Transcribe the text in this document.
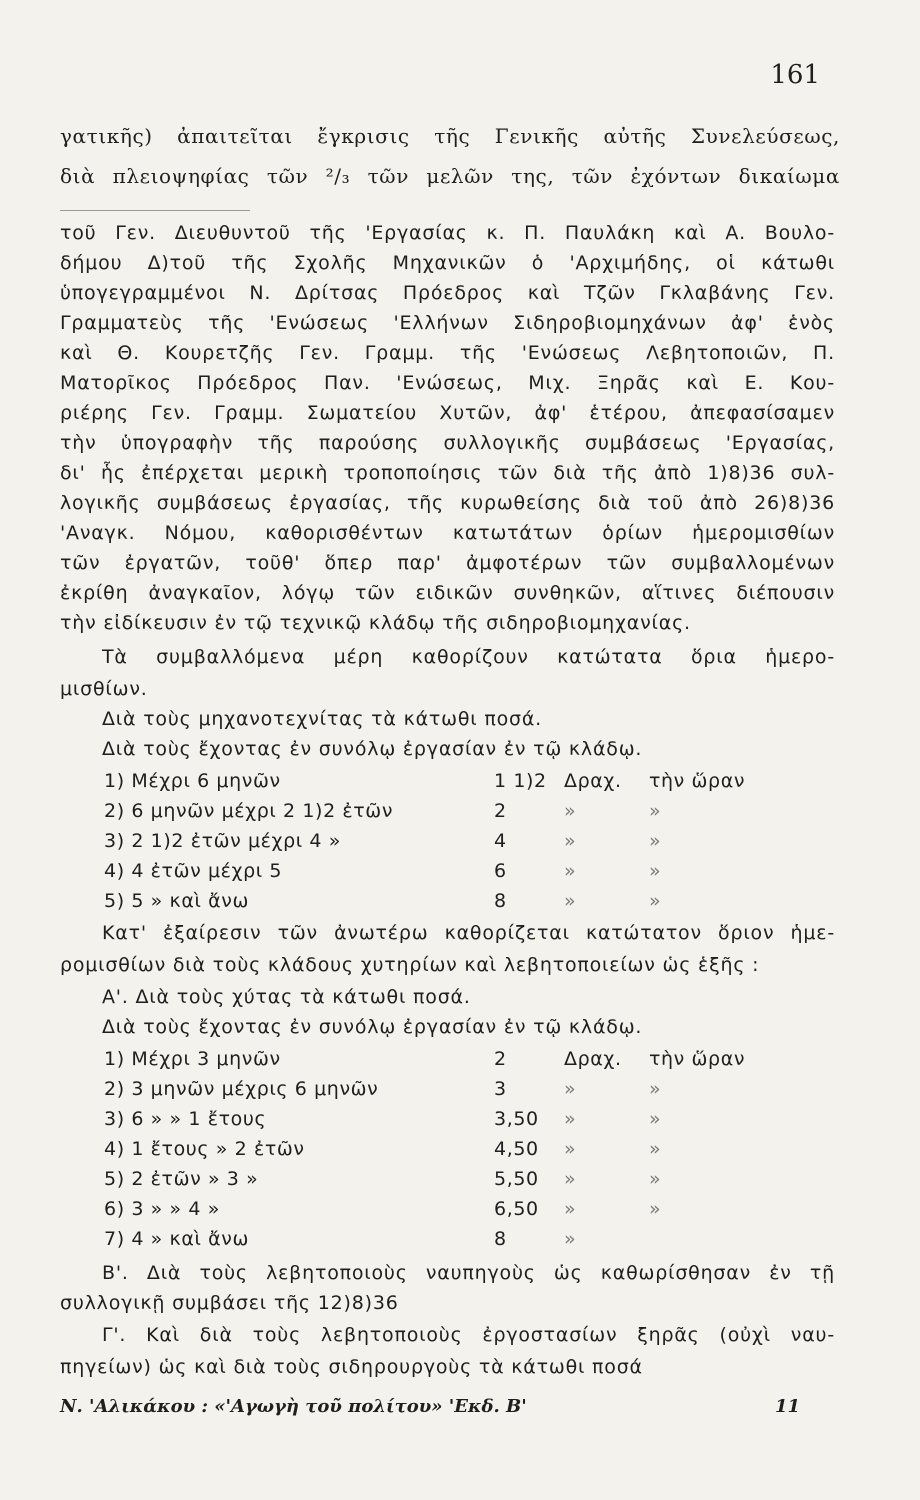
161
γατικῆς) ἀπαιτεῖται ἔγκρισις τῆς Γενικῆς αὐτῆς Συνελεύσεως,
διὰ πλειοψηφίας τῶν ²/₃ τῶν μελῶν της, τῶν ἐχόντων δικαίωμα
τοῦ Γεν. Διευθυντοῦ τῆς 'Εργασίας κ. Π. Παυλάκη καὶ Α. Βουλο-
δήμου Δ)τοῦ τῆς Σχολῆς Μηχανικῶν ὁ 'Αρχιμήδης, οἱ κάτωθι
ὑπογεγραμμένοι Ν. Δρίτσας Πρόεδρος καὶ Τζῶν Γκλαβάνης Γεν.
Γραμματεὺς τῆς 'Ενώσεως 'Ελλήνων Σιδηροβιομηχάνων ἀφ' ἑνὸς
καὶ Θ. Κουρετζῆς Γεν. Γραμμ. τῆς 'Ενώσεως Λεβητοποιῶν, Π.
Ματορῖκος Πρόεδρος Παν. 'Ενώσεως, Μιχ. Ξηρᾶς καὶ Ε. Κου-
ριέρης Γεν. Γραμμ. Σωματείου Χυτῶν, ἀφ' ἑτέρου, ἀπεφασίσαμεν
τὴν ὑπογραφὴν τῆς παρούσης συλλογικῆς συμβάσεως 'Εργασίας,
δι' ἧς ἐπέρχεται μερικὴ τροποποίησις τῶν διὰ τῆς ἀπὸ 1)8)36 συλ-
λογικῆς συμβάσεως ἐργασίας, τῆς κυρωθείσης διὰ τοῦ ἀπὸ 26)8)36
'Αναγκ. Νόμου, καθορισθέντων κατωτάτων ὁρίων ἡμερομισθίων
τῶν ἐργατῶν, τοῦθ' ὅπερ παρ' ἀμφοτέρων τῶν συμβαλλομένων
ἐκρίθη ἀναγκαῖον, λόγῳ τῶν ειδικῶν συνθηκῶν, αἵτινες διέπουσιν
τὴν εἰδίκευσιν ἐν τῷ τεχνικῷ κλάδῳ τῆς σιδηροβιομηχανίας.
Τὰ συμβαλλόμενα μέρη καθορίζουν κατώτατα ὅρια ἡμερο-
μισθίων.
Διὰ τοὺς μηχανοτεχνίτας τὰ κάτωθι ποσά.
Διὰ τοὺς ἔχοντας ἐν συνόλῳ ἐργασίαν ἐν τῷ κλάδῳ.
1) Μέχρι 6 μηνῶν	1 1)2 Δραχ. τὴν ὥραν
2) 6 μηνῶν μέχρι 2 1)2 ἐτῶν	2	»	»
3) 2 1)2 ἐτῶν μέχρι 4 »	4	»	»
4) 4 ἐτῶν μέχρι 5	6	»	»
5) 5 » καὶ ἄνω	8	»	»
Κατ' ἐξαίρεσιν τῶν ἀνωτέρω καθορίζεται κατώτατον ὅριον ἡμε-
ρομισθίων διὰ τοὺς κλάδους χυτηρίων καὶ λεβητοποιείων ὡς ἑξῆς :
Α'. Διὰ τοὺς χύτας τὰ κάτωθι ποσά.
Διὰ τοὺς ἔχοντας ἐν συνόλῳ ἐργασίαν ἐν τῷ κλάδῳ.
1) Μέχρι 3 μηνῶν	2	Δραχ. τὴν ὥραν
2) 3 μηνῶν μέχρις 6 μηνῶν	3	»	»
3) 6 » » 1 ἔτους	3,50 »	»
4) 1 ἔτους » 2 ἐτῶν	4,50 »	»
5) 2 ἐτῶν » 3 »	5,50 »	»
6) 3 » » 4 »	6,50 »	»
7) 4 » καὶ ἄνω	8	»
Β'. Διὰ τοὺς λεβητοποιοὺς ναυπηγοὺς ὡς καθωρίσθησαν ἐν τῇ
συλλογικῇ συμβάσει τῆς 12)8)36
Γ'. Καὶ διὰ τοὺς λεβητοποιοὺς ἐργοστασίων ξηρᾶς (οὐχὶ ναυ-
πηγείων) ὡς καὶ διὰ τοὺς σιδηρουργοὺς τὰ κάτωθι ποσά
Ν. 'Αλικάκου : «'Αγωγὴ τοῦ πολίτου» 'Εκδ. Β'	11
